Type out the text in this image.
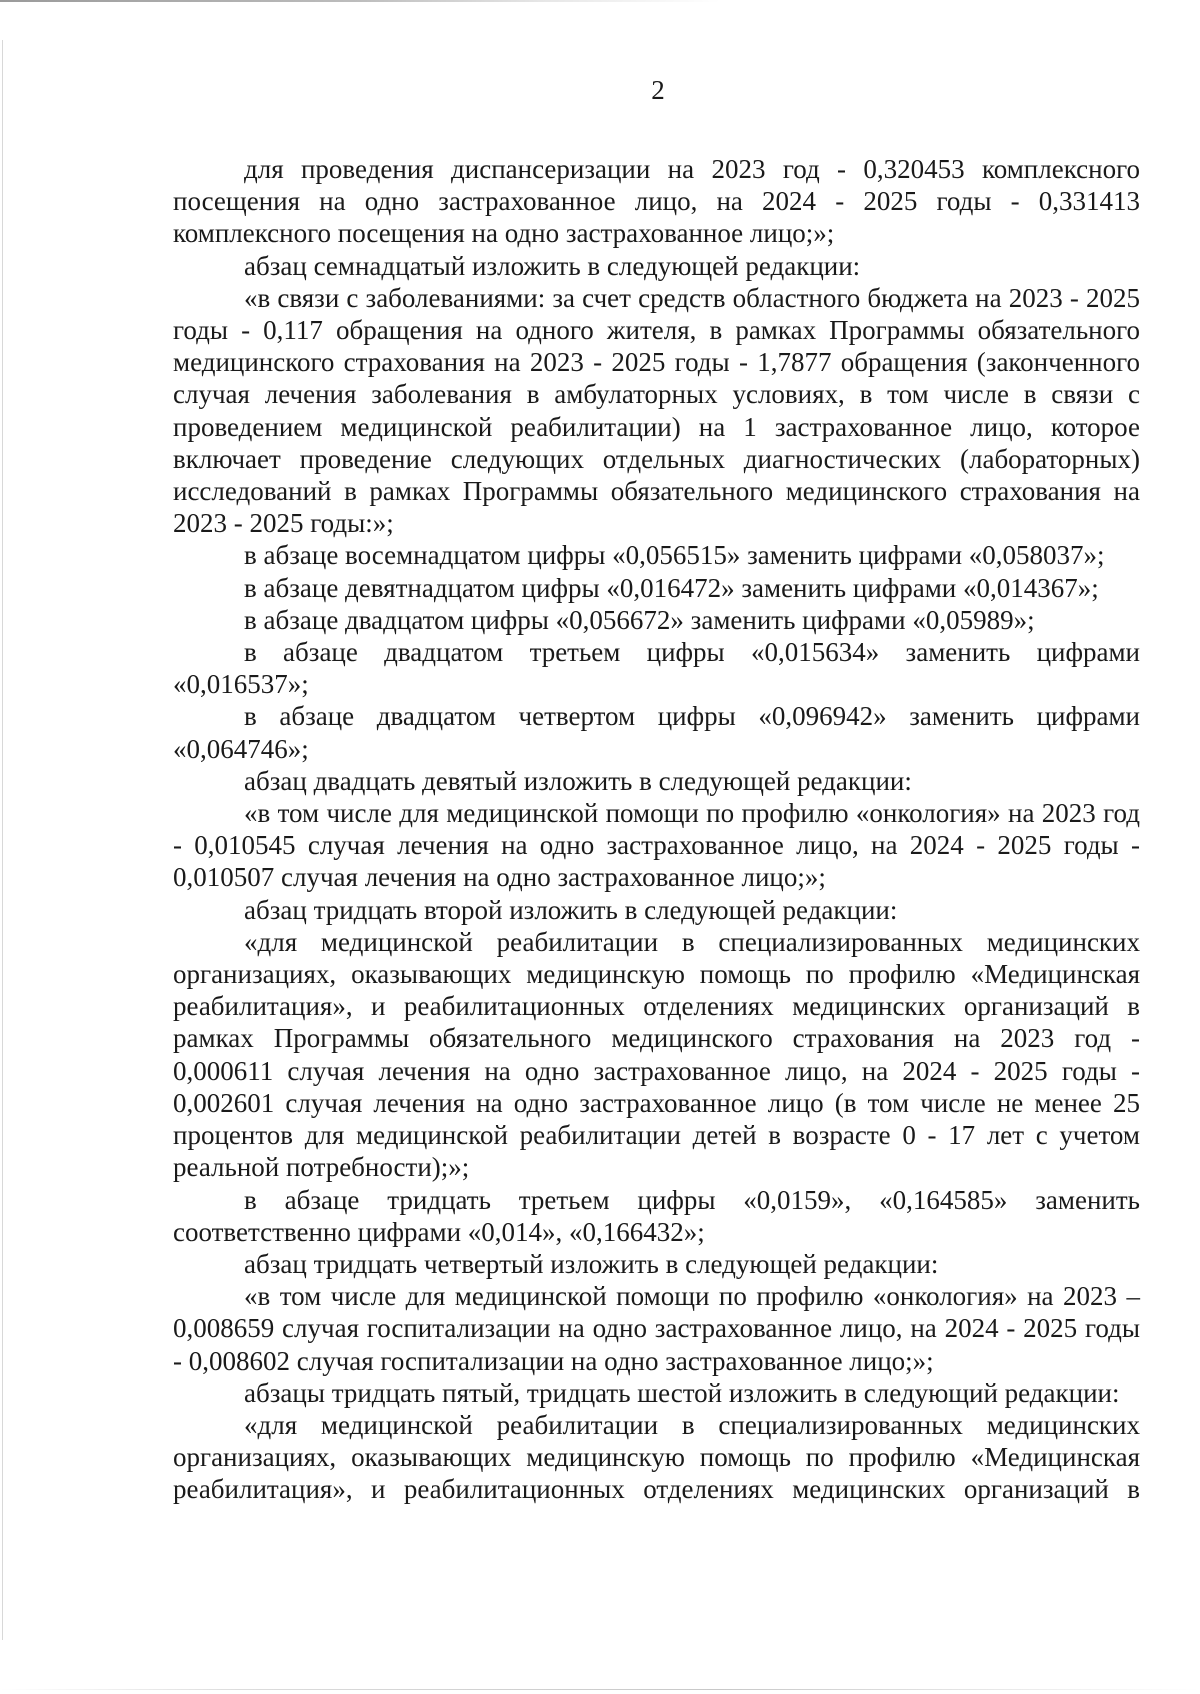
2

для проведения диспансеризации на 2023 год - 0,320453 комплексного посещения на одно застрахованное лицо, на 2024 - 2025 годы - 0,331413 комплексного посещения на одно застрахованное лицо;»;

абзац семнадцатый изложить в следующей редакции:

«в связи с заболеваниями: за счет средств областного бюджета на 2023 - 2025 годы - 0,117 обращения на одного жителя, в рамках Программы обязательного медицинского страхования на 2023 - 2025 годы - 1,7877 обращения (законченного случая лечения заболевания в амбулаторных условиях, в том числе в связи с проведением медицинской реабилитации) на 1 застрахованное лицо, которое включает проведение следующих отдельных диагностических (лабораторных) исследований в рамках Программы обязательного медицинского страхования на 2023 - 2025 годы:»;

в абзаце восемнадцатом цифры «0,056515» заменить цифрами «0,058037»;

в абзаце девятнадцатом цифры «0,016472» заменить цифрами «0,014367»;

в абзаце двадцатом цифры «0,056672» заменить цифрами «0,05989»;

в абзаце двадцатом третьем цифры «0,015634» заменить цифрами «0,016537»;

в абзаце двадцатом четвертом цифры «0,096942» заменить цифрами «0,064746»;

абзац двадцать девятый изложить в следующей редакции:

«в том числе для медицинской помощи по профилю «онкология» на 2023 год - 0,010545 случая лечения на одно застрахованное лицо, на 2024 - 2025 годы - 0,010507 случая лечения на одно застрахованное лицо;»;

абзац тридцать второй изложить в следующей редакции:

«для медицинской реабилитации в специализированных медицинских организациях, оказывающих медицинскую помощь по профилю «Медицинская реабилитация», и реабилитационных отделениях медицинских организаций в рамках Программы обязательного медицинского страхования на 2023 год - 0,000611 случая лечения на одно застрахованное лицо, на 2024 - 2025 годы - 0,002601 случая лечения на одно застрахованное лицо (в том числе не менее 25 процентов для медицинской реабилитации детей в возрасте 0 - 17 лет с учетом реальной потребности);»;

в абзаце тридцать третьем цифры «0,0159», «0,164585» заменить соответственно цифрами «0,014», «0,166432»;

абзац тридцать четвертый изложить в следующей редакции:

«в том числе для медицинской помощи по профилю «онкология» на 2023 – 0,008659 случая госпитализации на одно застрахованное лицо, на 2024 - 2025 годы - 0,008602 случая госпитализации на одно застрахованное лицо;»;

абзацы тридцать пятый, тридцать шестой изложить в следующий редакции:

«для медицинской реабилитации в специализированных медицинских организациях, оказывающих медицинскую помощь по профилю «Медицинская реабилитация», и реабилитационных отделениях медицинских организаций в
